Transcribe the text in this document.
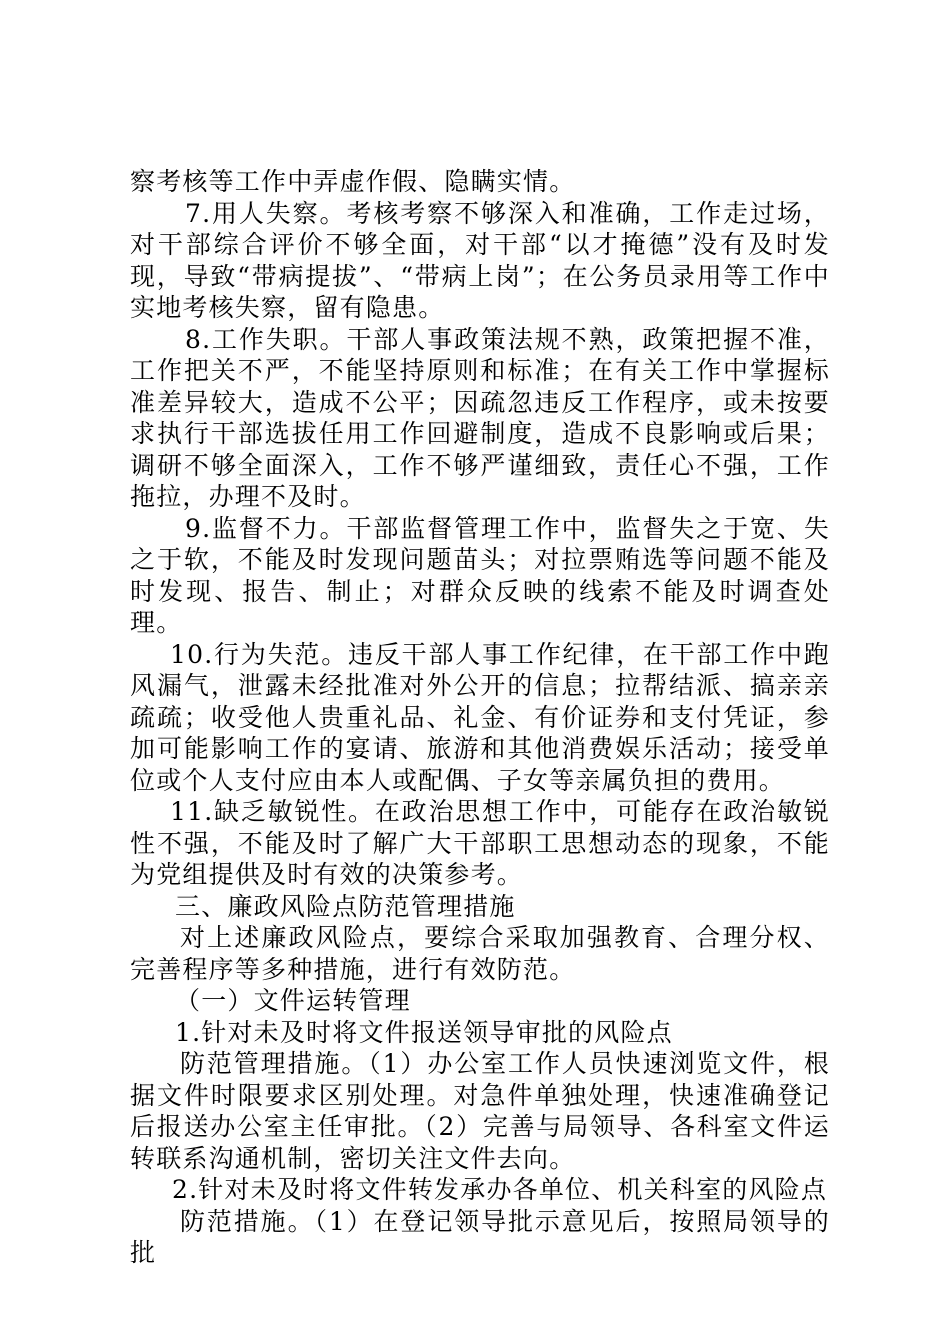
察考核等工作中弄虚作假、隐瞒实情。

7.用人失察。考核考察不够深入和准确，工作走过场，对干部综合评价不够全面，对干部“以才掩德”没有及时发现，导致“带病提拔”、“带病上岗”；在公务员录用等工作中实地考核失察，留有隐患。

8.工作失职。干部人事政策法规不熟，政策把握不准，工作把关不严，不能坚持原则和标准；在有关工作中掌握标准差异较大，造成不公平；因疏忽违反工作程序，或未按要求执行干部选拔任用工作回避制度，造成不良影响或后果；调研不够全面深入，工作不够严谨细致，责任心不强，工作拖拉，办理不及时。

9.监督不力。干部监督管理工作中，监督失之于宽、失之于软，不能及时发现问题苗头；对拉票贿选等问题不能及时发现、报告、制止；对群众反映的线索不能及时调查处理。

10.行为失范。违反干部人事工作纪律，在干部工作中跑风漏气，泄露未经批准对外公开的信息；拉帮结派、搞亲亲疏疏；收受他人贵重礼品、礼金、有价证券和支付凭证，参加可能影响工作的宴请、旅游和其他消费娱乐活动；接受单位或个人支付应由本人或配偶、子女等亲属负担的费用。

11.缺乏敏锐性。在政治思想工作中，可能存在政治敏锐性不强，不能及时了解广大干部职工思想动态的现象，不能为党组提供及时有效的决策参考。

三、廉政风险点防范管理措施

对上述廉政风险点，要综合采取加强教育、合理分权、完善程序等多种措施，进行有效防范。

（一）文件运转管理

1.针对未及时将文件报送领导审批的风险点

防范管理措施。（1）办公室工作人员快速浏览文件，根据文件时限要求区别处理。对急件单独处理，快速准确登记后报送办公室主任审批。（2）完善与局领导、各科室文件运转联系沟通机制，密切关注文件去向。

2.针对未及时将文件转发承办各单位、机关科室的风险点

防范措施。（1）在登记领导批示意见后，按照局领导的批
